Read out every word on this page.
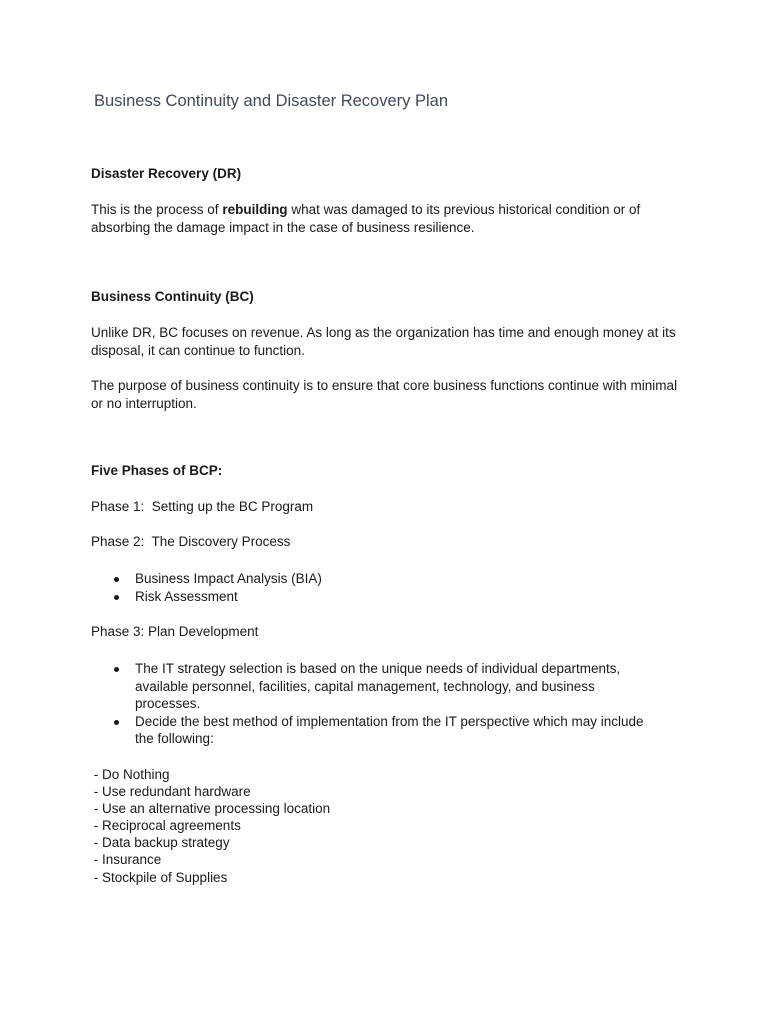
Business Continuity and Disaster Recovery Plan
Disaster Recovery (DR)
This is the process of rebuilding what was damaged to its previous historical condition or of absorbing the damage impact in the case of business resilience.
Business Continuity (BC)
Unlike DR, BC focuses on revenue. As long as the organization has time and enough money at its disposal, it can continue to function.
The purpose of business continuity is to ensure that core business functions continue with minimal or no interruption.
Five Phases of BCP:
Phase 1:  Setting up the BC Program
Phase 2:  The Discovery Process
Business Impact Analysis (BIA)
Risk Assessment
Phase 3: Plan Development
The IT strategy selection is based on the unique needs of individual departments, available personnel, facilities, capital management, technology, and business processes.
Decide the best method of implementation from the IT perspective which may include the following:
- Do Nothing
- Use redundant hardware
- Use an alternative processing location
- Reciprocal agreements
- Data backup strategy
- Insurance
- Stockpile of Supplies
